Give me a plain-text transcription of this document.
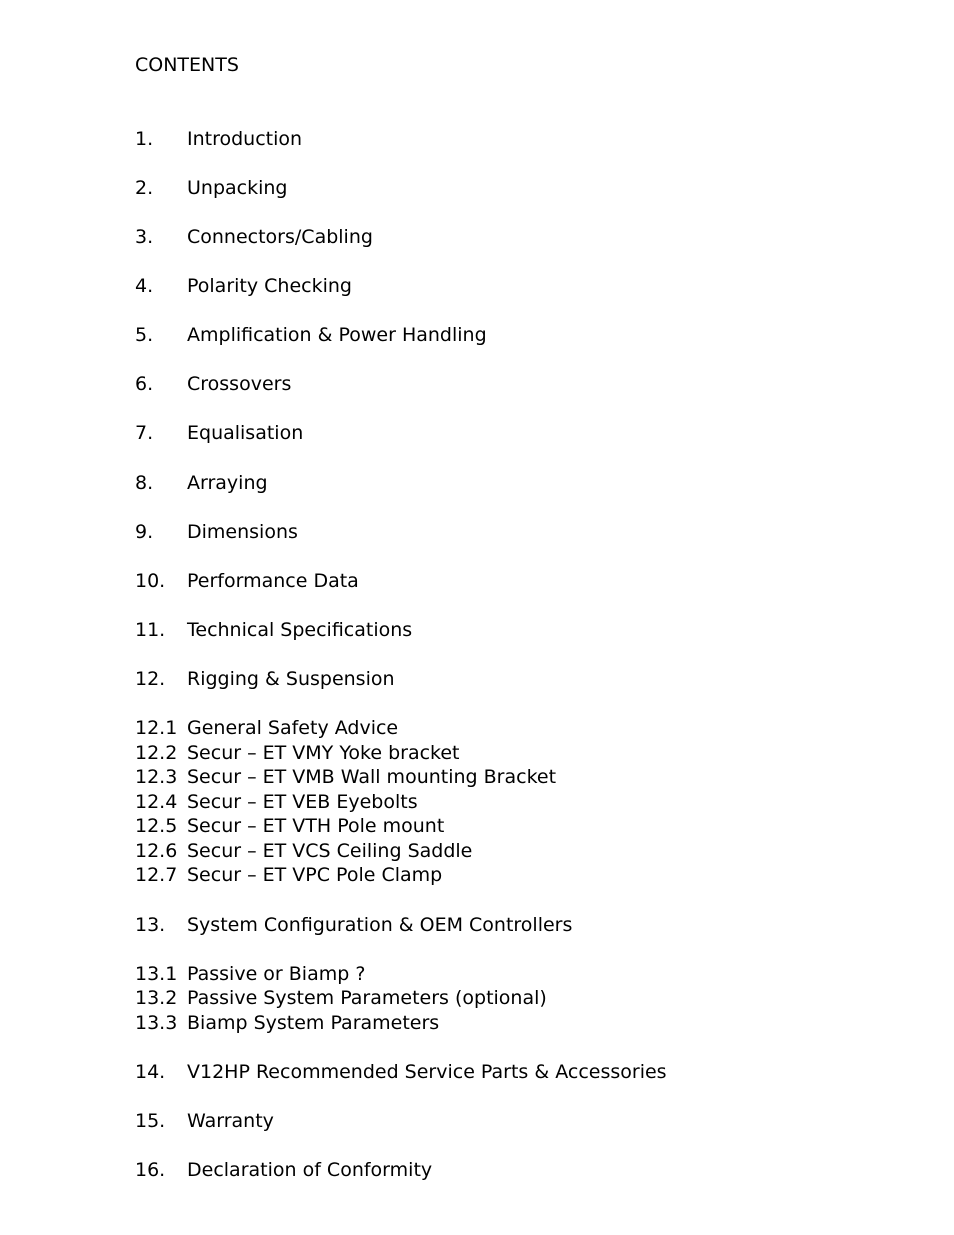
CONTENTS
1.	Introduction
2.	Unpacking
3.	Connectors/Cabling
4.	Polarity Checking
5.	Amplification & Power Handling
6.	Crossovers
7.	Equalisation
8.	Arraying
9.	Dimensions
10.	Performance Data
11.	Technical Specifications
12.	Rigging & Suspension
12.1 General Safety Advice
12.2 Secur – ET VMY Yoke bracket
12.3 Secur – ET VMB Wall mounting Bracket
12.4 Secur – ET VEB Eyebolts
12.5 Secur – ET VTH Pole mount
12.6 Secur – ET VCS Ceiling Saddle
12.7 Secur – ET VPC Pole Clamp
13.	System Configuration & OEM Controllers
13.1 Passive or Biamp ?
13.2 Passive System Parameters (optional)
13.3 Biamp System Parameters
14.	V12HP Recommended Service Parts & Accessories
15.	Warranty
16.	Declaration of Conformity
